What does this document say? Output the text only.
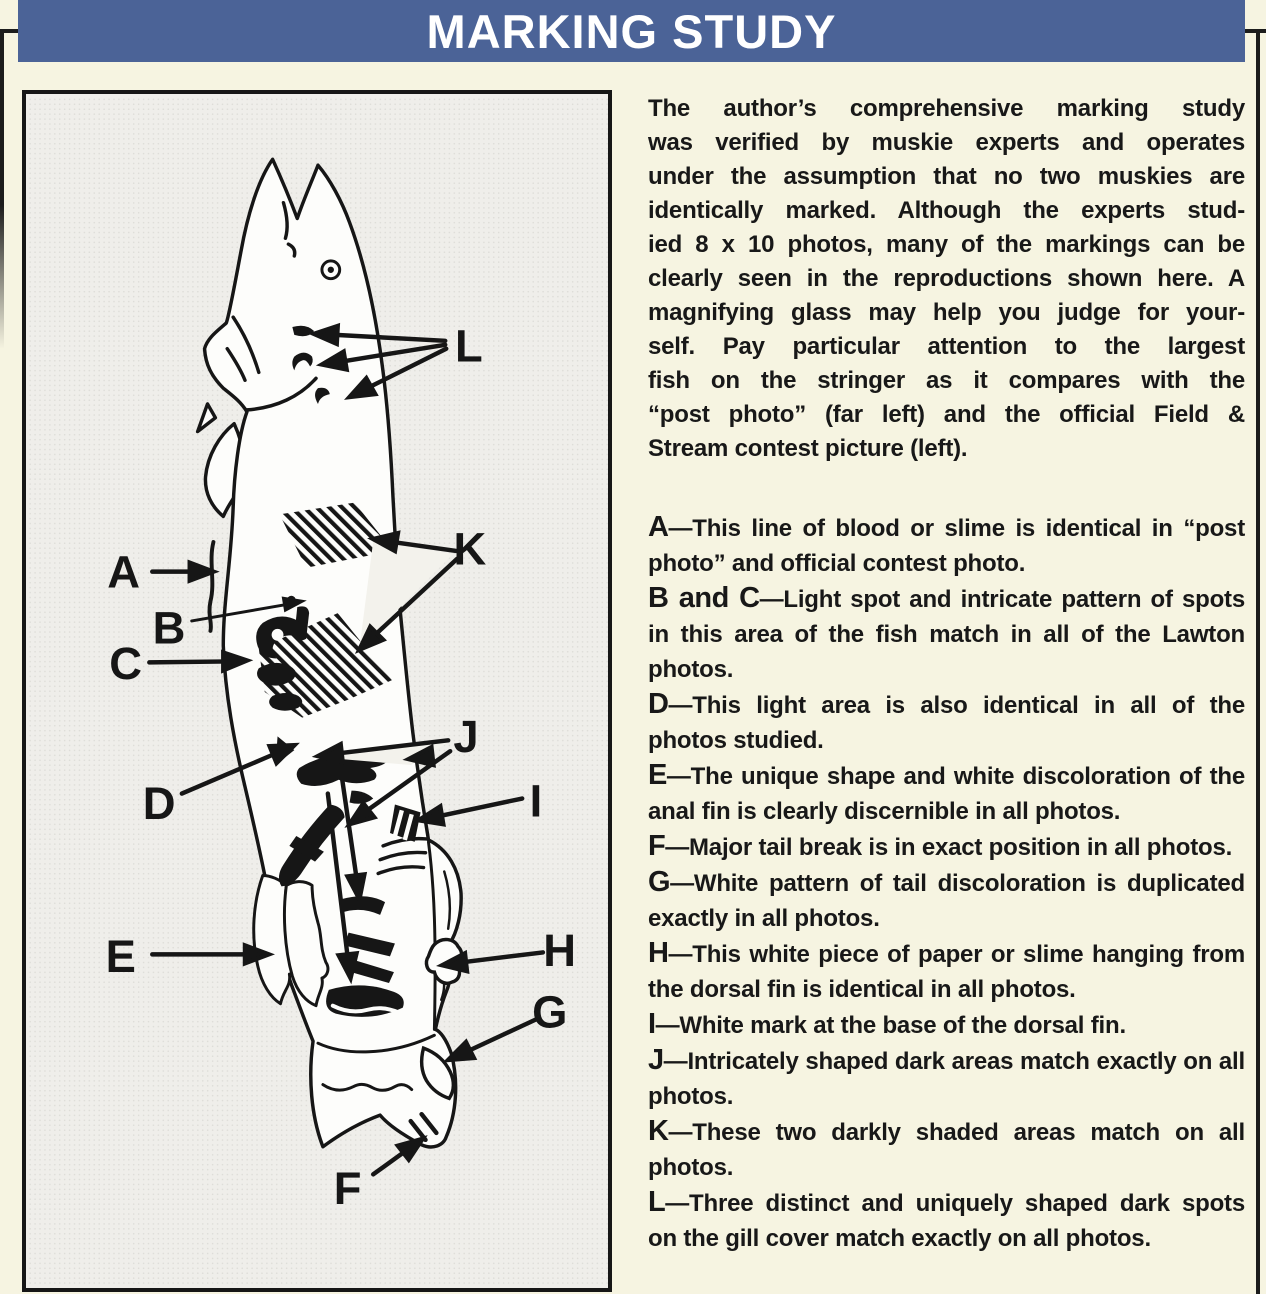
MARKING STUDY
A
B
C
D
E
F
G
H
I
J
K
L
The author’s comprehensive marking study
was verified by muskie experts and operates
under the assumption that no two muskies are
identically marked. Although the experts stud-
ied 8 x 10 photos, many of the markings can be
clearly seen in the reproductions shown here. A
magnifying glass may help you judge for your-
self. Pay particular attention to the largest
fish on the stringer as it compares with the
“post photo” (far left) and the official Field &
Stream contest picture (left).
A—This line of blood or slime is identical in “post photo” and official contest photo.
B and C—Light spot and intricate pattern of spots in this area of the fish match in all of the Lawton photos.
D—This light area is also identical in all of the photos studied.
E—The unique shape and white discoloration of the anal fin is clearly discernible in all photos.
F—Major tail break is in exact position in all photos.
G—White pattern of tail discoloration is duplicated exactly in all photos.
H—This white piece of paper or slime hanging from the dorsal fin is identical in all photos.
I—White mark at the base of the dorsal fin.
J—Intricately shaped dark areas match exactly on all photos.
K—These two darkly shaded areas match on all photos.
L—Three distinct and uniquely shaped dark spots on the gill cover match exactly on all photos.
